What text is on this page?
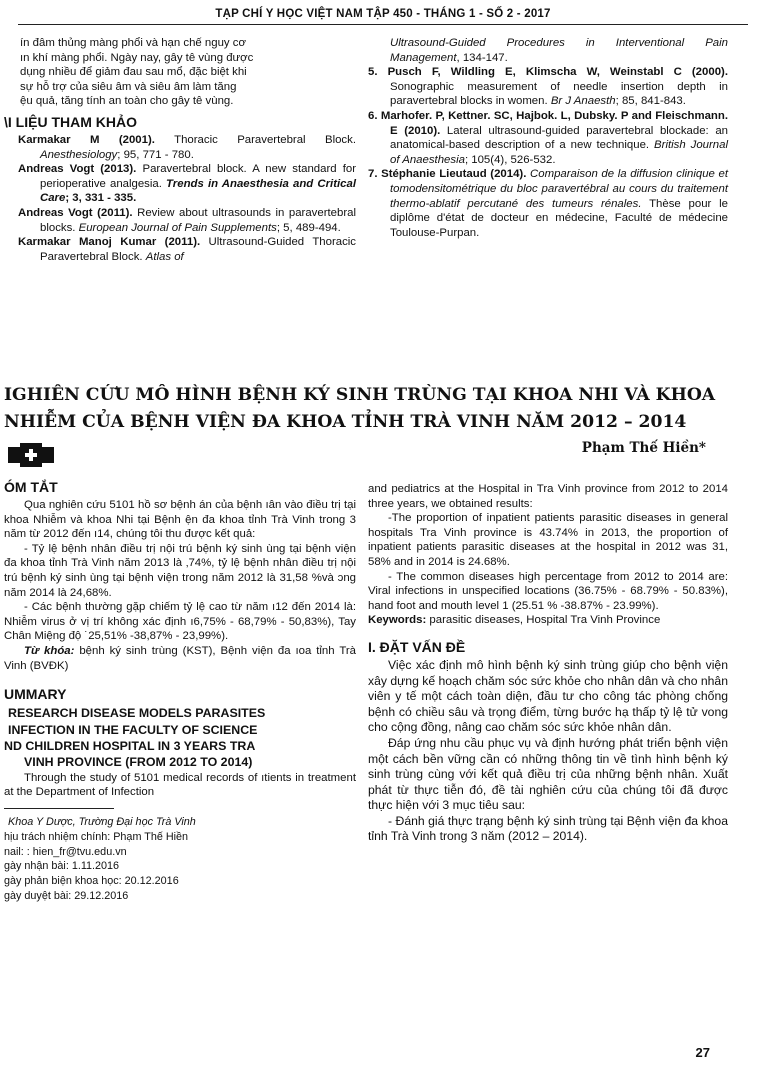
TẠP CHÍ Y HỌC VIỆT NAM TẬP 450 - THÁNG 1 - SỐ 2 - 2017

ín đâm thủng màng phổi và hạn chế nguy cơ

ın khí màng phổi. Ngày nay, gây tê vùng được

dụng nhiều để giảm đau sau mổ, đặc biệt khi

sự hỗ trợ của siêu âm và siêu âm làm tăng

ệu quả, tăng tính an toàn cho gây tê vùng.

\I LIỆU THAM KHẢO

Karmakar M (2001). Thoracic Paravertebral Block. Anesthesiology; 95, 771 - 780.

Andreas Vogt (2013). Paravertebral block. A new standard for perioperative analgesia. Trends in Anaesthesia and Critical Care; 3, 331 - 335.

Andreas Vogt (2011). Review about ultrasounds in paravertebral blocks. European Journal of Pain Supplements; 5, 489-494.

Karmakar Manoj Kumar (2011). Ultrasound-Guided Thoracic Paravertebral Block. Atlas of

Ultrasound-Guided Procedures in Interventional Pain Management, 134-147.

5. Pusch F, Wildling E, Klimscha W, Weinstabl C (2000). Sonographic measurement of needle insertion depth in paravertebral blocks in women. Br J Anaesth; 85, 841-843.

6. Marhofer. P, Kettner. SC, Hajbok. L, Dubsky. P and Fleischmann. E (2010). Lateral ultrasound-guided paravertebral blockade: an anatomical-based description of a new technique. British Journal of Anaesthesia; 105(4), 526-532.

7. Stéphanie Lieutaud (2014). Comparaison de la diffusion clinique et tomodensitométrique du bloc paravertébral au cours du traitement thermo-ablatif percutané des tumeurs rénales. Thèse pour le diplôme d'état de docteur en médecine, Faculté de médecine Toulouse-Purpan.

IGHIÊN CỨU MÔ HÌNH BỆNH KÝ SINH TRÙNG TẠI KHOA NHI VÀ KHOA
NHIỄM CỦA BỆNH VIỆN ĐA KHOA TỈNH TRÀ VINH NĂM 2012 – 2014
Phạm Thế Hiền*
ÓM TẮT

Qua nghiên cứu 5101 hồ sơ bệnh án của bệnh ıân vào điều trị tại khoa Nhiễm và khoa Nhi tại Bệnh ện đa khoa tỉnh Trà Vinh trong 3 năm từ 2012 đến ı14, chúng tôi thu được kết quả:

- Tỷ lệ bệnh nhân điều trị nội trú bệnh ký sinh ùng tại bệnh viện đa khoa tỉnh Trà Vinh năm 2013 là ‚74%, tỷ lệ bệnh nhân điều trị nội trú bệnh ký sinh ùng tại bệnh viện trong năm 2012 là 31,58 %và ɔng năm 2014 là 24,68%.

- Các bệnh thường gặp chiếm tỷ lệ cao từ năm ı12 đến 2014 là: Nhiễm virus ở vị trí không xác định ı6,75% - 68,79% - 50,83%), Tay Chân Miệng độ ˙25,51% -38,87% - 23,99%).

Từ khóa: bệnh ký sinh trùng (KST), Bệnh viện đa ıoa tỉnh Trà Vinh (BVĐK)

UMMARY
RESEARCH DISEASE MODELS PARASITES
INFECTION IN THE FACULTY OF SCIENCE
ND CHILDREN HOSPITAL IN 3 YEARS TRA
VINH PROVINCE (FROM 2012 TO 2014)

Through the study of 5101 medical records of ıtients in treatment at the Department of Infection

Khoa Y Dược, Trường Đại học Trà Vinh

hịu trách nhiệm chính: Phạm Thế Hiền

nail: : hien_fr@tvu.edu.vn

gày nhận bài: 1.11.2016

gày phản biện khoa học: 20.12.2016

gày duyệt bài: 29.12.2016

and pediatrics at the Hospital in Tra Vinh province from 2012 to 2014 three years, we obtained results:

-The proportion of inpatient patients parasitic diseases in general hospitals Tra Vinh province is 43.74% in 2013, the proportion of inpatient patients parasitic diseases at the hospital in 2012 was 31, 58% and in 2014 is 24.68%.

- The common diseases high percentage from 2012 to 2014 are: Viral infections in unspecified locations (36.75% - 68.79% - 50.83%), hand foot and mouth level 1 (25.51 % -38.87% - 23.99%).

Keywords: parasitic diseases, Hospital Tra Vinh Province

I. ĐẶT VẤN ĐỀ

Việc xác định mô hình bệnh ký sinh trùng giúp cho bệnh viện xây dựng kế hoạch chăm sóc sức khỏe cho nhân dân và cho nhân viên y tế một cách toàn diện, đầu tư cho công tác phòng chống bệnh có chiều sâu và trọng điểm, từng bước hạ thấp tỷ lệ tử vong cho cộng đồng, nâng cao chăm sóc sức khỏe nhân dân.

Đáp ứng nhu cầu phục vụ và định hướng phát triển bệnh viện một cách bền vững cần có những thông tin về tình hình bệnh ký sinh trùng cùng với kết quả điều trị của những bệnh nhân. Xuất phát từ thực tiễn đó, đề tài nghiên cứu của chúng tôi đã được thực hiện với 3 mục tiêu sau:

- Đánh giá thực trạng bệnh ký sinh trùng tại Bệnh viện đa khoa tỉnh Trà Vinh trong 3 năm (2012 – 2014).

27
